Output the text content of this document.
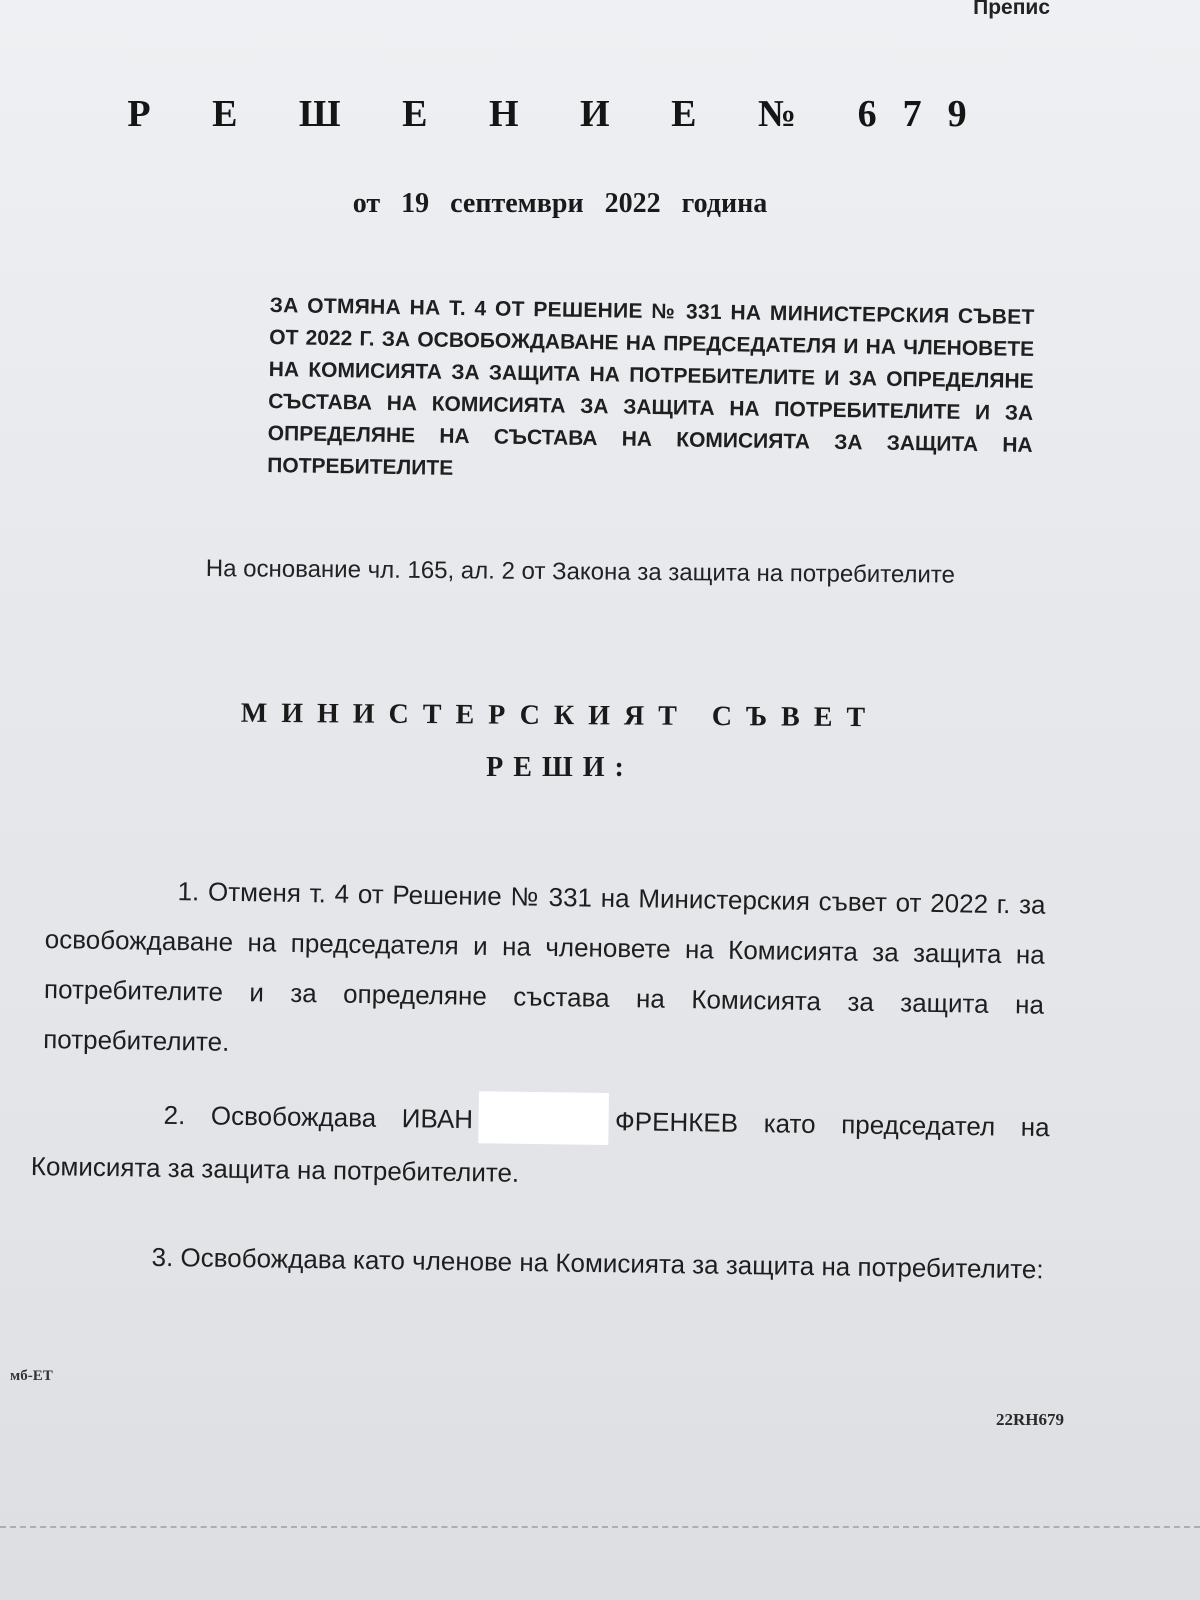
Препис
Р Е Ш Е Н И Е № 679
от 19 септември 2022 година
ЗА ОТМЯНА НА Т. 4 ОТ РЕШЕНИЕ № 331 НА МИНИСТЕРСКИЯ СЪВЕТ ОТ 2022 Г. ЗА ОСВОБОЖДАВАНЕ НА ПРЕДСЕДАТЕЛЯ И НА ЧЛЕНОВЕТЕ НА КОМИСИЯТА ЗА ЗАЩИТА НА ПОТРЕБИТЕЛИТЕ И ЗА ОПРЕДЕЛЯНЕ СЪСТАВА НА КОМИСИЯТА ЗА ЗАЩИТА НА ПОТРЕБИТЕЛИТЕ И ЗА ОПРЕДЕЛЯНЕ НА СЪСТАВА НА КОМИСИЯТА ЗА ЗАЩИТА НА ПОТРЕБИТЕЛИТЕ

На основание чл. 165, ал. 2 от Закона за защита на потребителите

МИНИСТЕРСКИЯТ СЪВЕТ
РЕШИ:

1. Отменя т. 4 от Решение № 331 на Министерския съвет от 2022 г. за освобождаване на председателя и на членовете на Комисията за защита на потребителите и за определяне състава на Комисията за защита на потребителите.

2. Освобождава ИВАН	ФРЕНКЕВ като председател на Комисията за защита на потребителите.

3. Освобождава като членове на Комисията за защита на потребителите:

мб-ЕТ
22RH679
